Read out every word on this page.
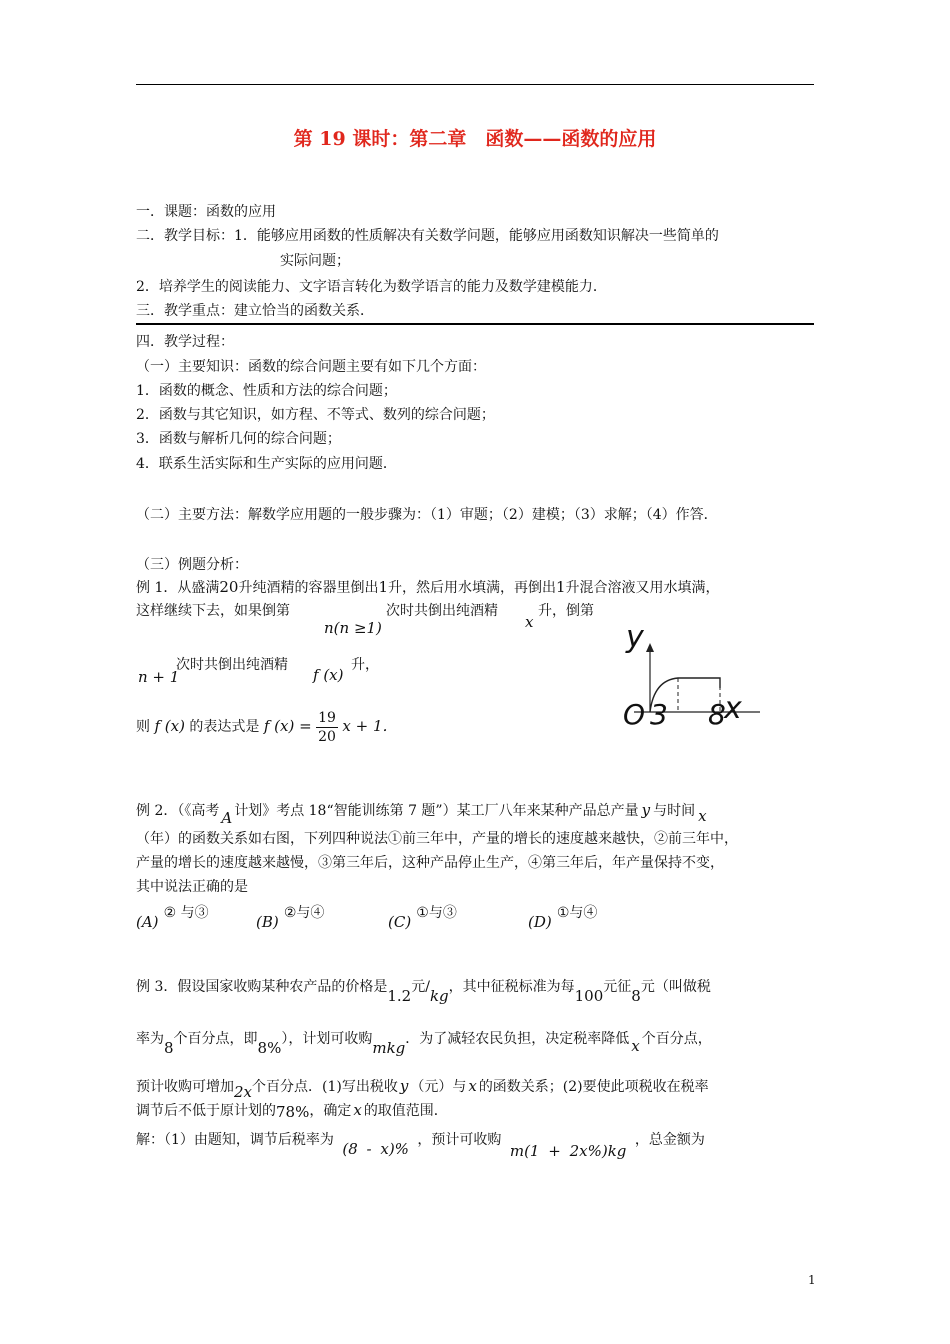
第 19 课时：第二章　函数——函数的应用
一．课题：函数的应用
二．教学目标：1．能够应用函数的性质解决有关数学问题，能够应用函数知识解决一些简单的
实际问题；
2．培养学生的阅读能力、文字语言转化为数学语言的能力及数学建模能力．
三．教学重点：建立恰当的函数关系．
四．教学过程：
（一）主要知识：函数的综合问题主要有如下几个方面：
1．函数的概念、性质和方法的综合问题；
2．函数与其它知识，如方程、不等式、数列的综合问题；
3．函数与解析几何的综合问题；
4．联系生活实际和生产实际的应用问题．
（二）主要方法：解数学应用题的一般步骤为：（1）审题；（2）建模；（3）求解；（4）作答．
（三）例题分析：
例 1．从盛满20升纯酒精的容器里倒出1升，然后用水填满，再倒出1升混合溶液又用水填满，
这样继续下去，如果倒第
n(n ≥1)
次时共倒出纯酒精
x
升，倒第
n + 1
次时共倒出纯酒精
f (x)
升，
则 f (x) 的表达式是 f $(x) = \frac{19}{20}$ x + 1．
y
O 3 8
x
例 2．（《高考 A 计划》考点 18“智能训练第 7 题”）某工厂八年来某种产品总产量 y 与时间 x
（年）的函数关系如右图，下列四种说法①前三年中，产量的增长的速度越来越快，②前三年中，
产量的增长的速度越来越慢，③第三年后，这种产品停止生产，④第三年后，年产量保持不变，
其中说法正确的是
(A) ② 与③	(B) ②与④	(C) ①与③	(D) ①与④
例 3．假设国家收购某种农产品的价格是1.2元/kg，其中征税标准为每100元征8元（叫做税
率为8个百分点，即8%），计划可收购mkg．为了减轻农民负担，决定税率降低 x 个百分点，
预计收购可增加2x个百分点．(1)写出税收 y （元）与 x 的函数关系；(2)要使此项税收在税率
调节后不低于原计划的78%，确定 x 的取值范围．
解：（1）由题知，调节后税率为 (8 - x)% ，预计可收购 m(1 + 2x%)kg ，总金额为
1
